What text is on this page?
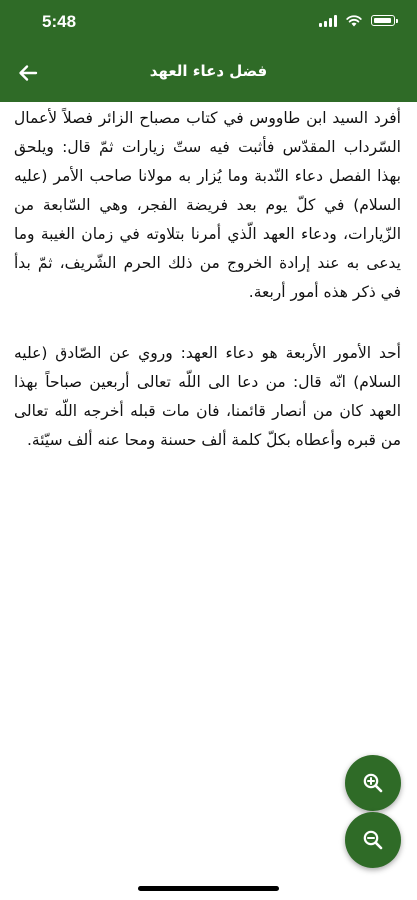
5:48
فضل دعاء العهد

أفرد السيد ابن طاووس في كتاب مصباح الزائر فصلاً لأعمال السّرداب المقدّس فأثبت فيه ستّ زيارات ثمّ قال: ويلحق بهذا الفصل دعاء النّدبة وما يُزار به مولانا صاحب الأمر (عليه السلام) في كلّ يوم بعد فريضة الفجر، وهي السّابعة من الزّيارات، ودعاء العهد الّذي أمرنا بتلاوته في زمان الغيبة وما يدعى به عند إرادة الخروج من ذلك الحرم الشّريف، ثمّ بدأ في ذكر هذه أمور أربعة.

أحد الأمور الأربعة هو دعاء العهد: وروي عن الصّادق (عليه السلام) انّه قال: من دعا الى اللّه تعالى أربعين صباحاً بهذا العهد كان من أنصار قائمنا، فان مات قبله أخرجه اللّه تعالى من قبره وأعطاه بكلّ كلمة ألف حسنة ومحا عنه ألف سيّئة.
